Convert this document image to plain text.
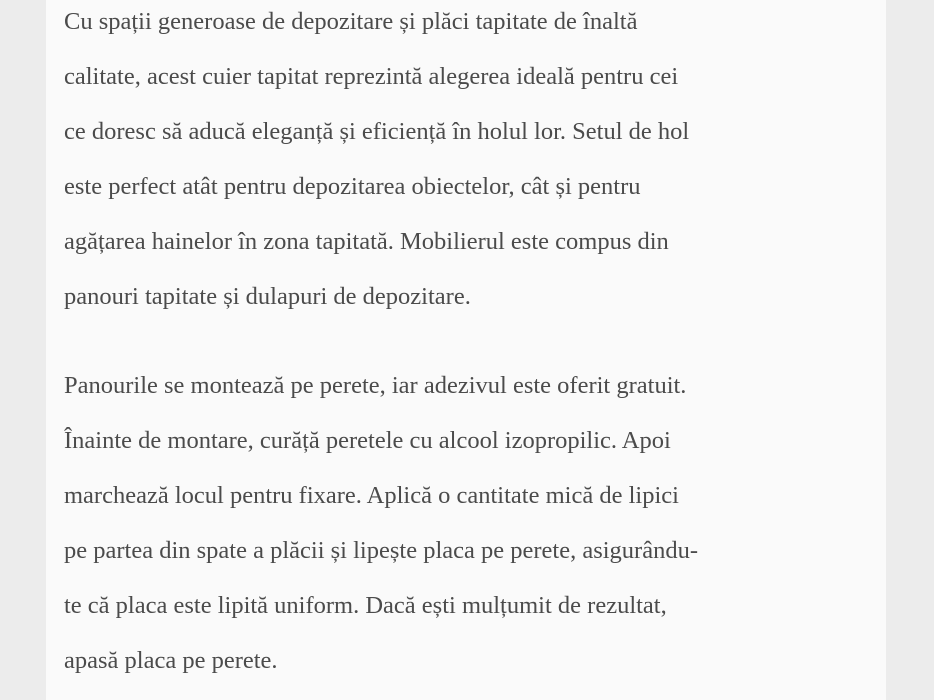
Cu spații generoase de depozitare și plăci tapitate de înaltă
calitate, acest cuier tapitat reprezintă alegerea ideală pentru cei
ce doresc să aducă eleganță și eficiență în holul lor. Setul de hol
este perfect atât pentru depozitarea obiectelor, cât și pentru
agățarea hainelor în zona tapitată. Mobilierul este compus din
panouri tapitate și dulapuri de depozitare.

Panourile se montează pe perete, iar adezivul este oferit gratuit.
Înainte de montare, curăță peretele cu alcool izopropilic. Apoi
marchează locul pentru fixare. Aplică o cantitate mică de lipici
pe partea din spate a plăcii și lipește placa pe perete, asigurându-
te că placa este lipită uniform. Dacă ești mulțumit de rezultat,
apasă placa pe perete.
